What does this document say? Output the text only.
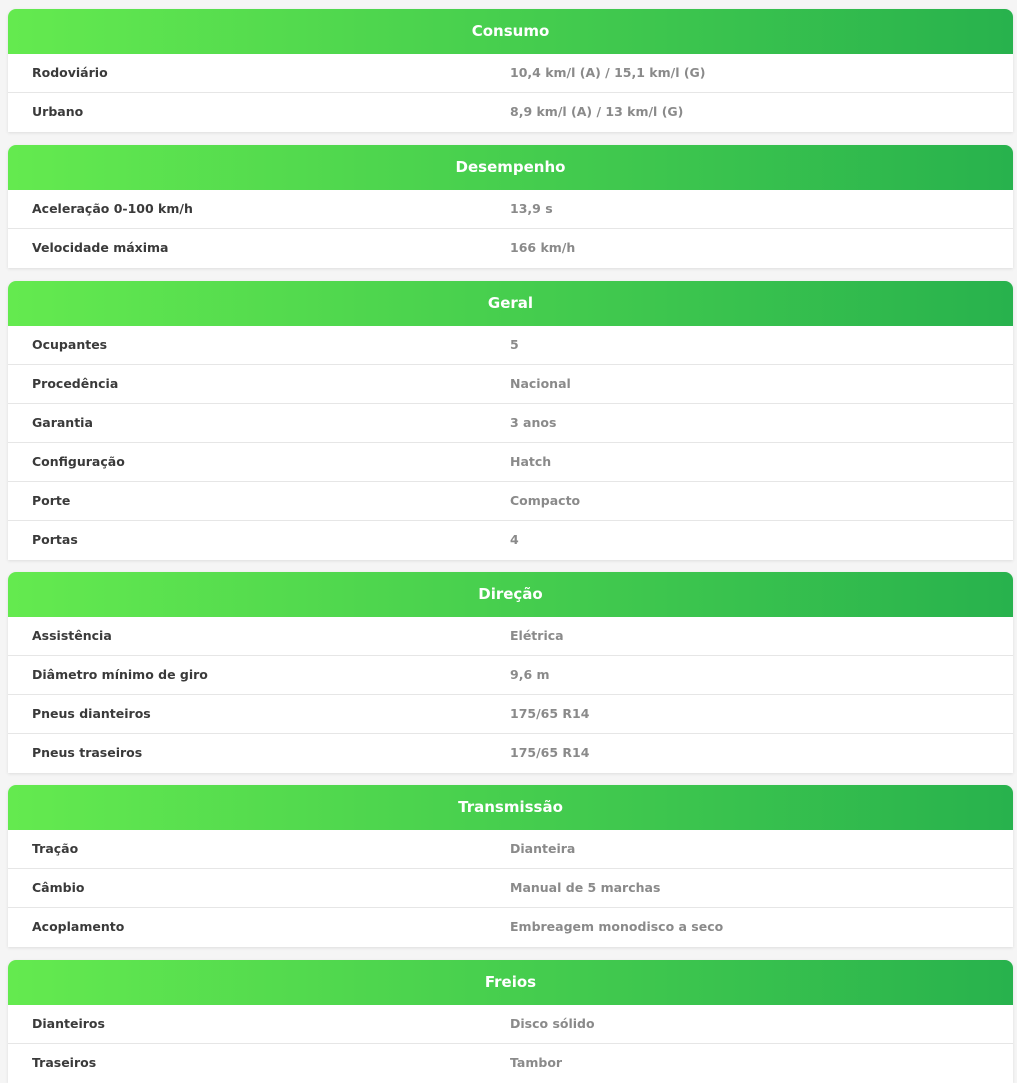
Consumo
Rodoviário	10,4 km/l (A) / 15,1 km/l (G)
Urbano	8,9 km/l (A) / 13 km/l (G)
Desempenho
Aceleração 0-100 km/h	13,9 s
Velocidade máxima	166 km/h
Geral
Ocupantes	5
Procedência	Nacional
Garantia	3 anos
Configuração	Hatch
Porte	Compacto
Portas	4
Direção
Assistência	Elétrica
Diâmetro mínimo de giro	9,6 m
Pneus dianteiros	175/65 R14
Pneus traseiros	175/65 R14
Transmissão
Tração	Dianteira
Câmbio	Manual de 5 marchas
Acoplamento	Embreagem monodisco a seco
Freios
Dianteiros	Disco sólido
Traseiros	Tambor
